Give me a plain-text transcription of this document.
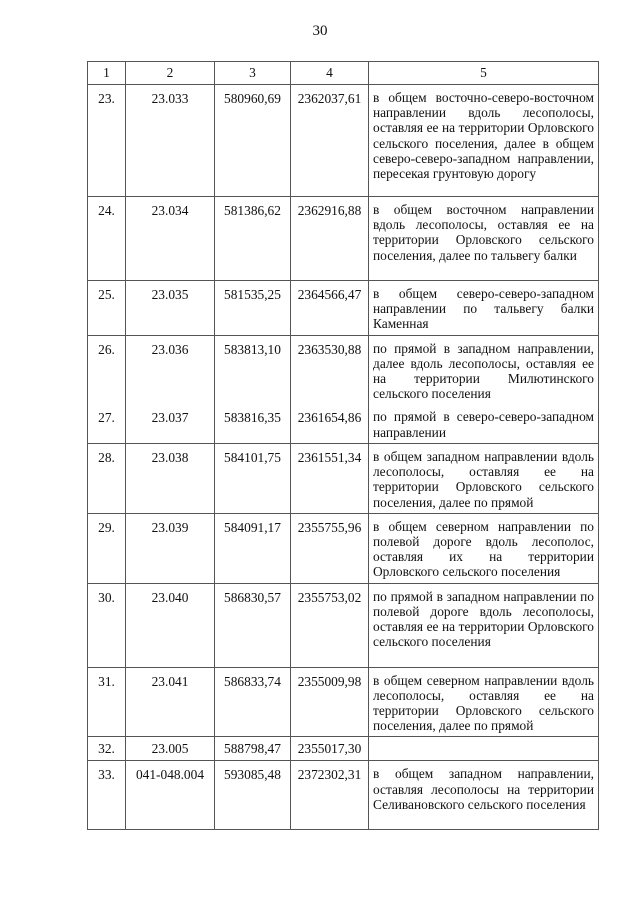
30
1	2	3	4	5
23.	23.033	580960,69	2362037,61	в общем восточно-северо-восточном направлении вдоль лесополосы, оставляя ее на территории Орловского сельского поселения, далее в общем северо-северо-западном направлении, пересекая грунтовую дорогу
24.	23.034	581386,62	2362916,88	в общем восточном направлении вдоль лесополосы, оставляя ее на территории Орловского сельского поселения, далее по тальвегу балки
25.	23.035	581535,25	2364566,47	в общем северо-северо-западном направлении по тальвегу балки Каменная
26.	23.036	583813,10	2363530,88	по прямой в западном направлении, далее вдоль лесополосы, оставляя ее на территории Милютинского сельского поселения
27.	23.037	583816,35	2361654,86	по прямой в северо-северо-западном направлении
28.	23.038	584101,75	2361551,34	в общем западном направлении вдоль лесополосы, оставляя ее на территории Орловского сельского поселения, далее по прямой
29.	23.039	584091,17	2355755,96	в общем северном направлении по полевой дороге вдоль лесополос, оставляя их на территории Орловского сельского поселения
30.	23.040	586830,57	2355753,02	по прямой в западном направлении по полевой дороге вдоль лесополосы, оставляя ее на территории Орловского сельского поселения
31.	23.041	586833,74	2355009,98	в общем северном направлении вдоль лесополосы, оставляя ее на территории Орловского сельского поселения, далее по прямой
32.	23.005	588798,47	2355017,30	
33.	041-048.004	593085,48	2372302,31	в общем западном направлении, оставляя лесополосы на территории Селивановского сельского поселения
